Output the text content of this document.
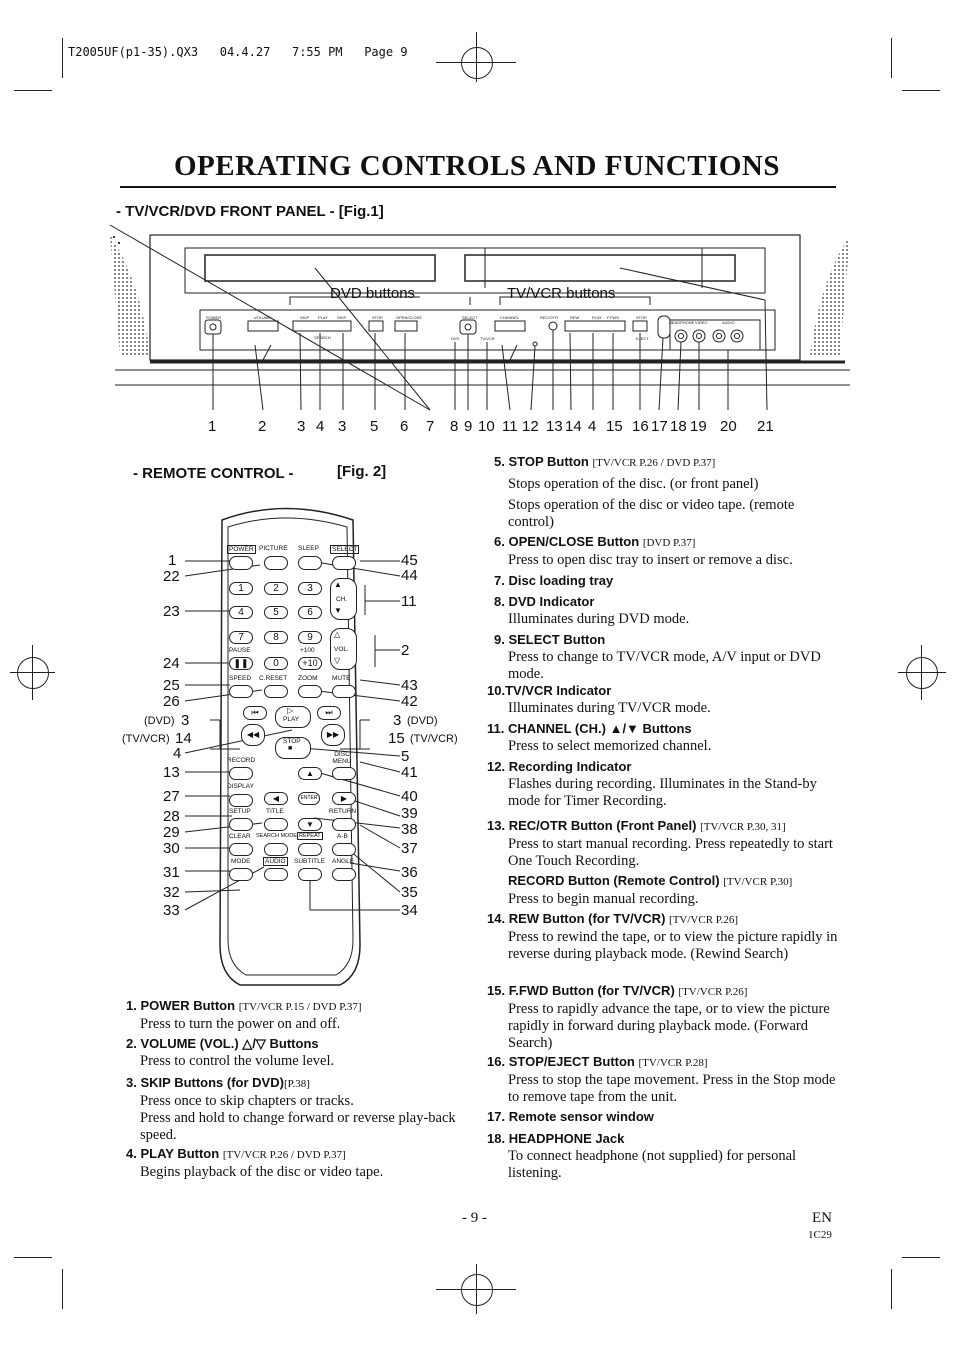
T2005UF(p1-35).QX3   04.4.27   7:55 PM   Page 9
OPERATING CONTROLS AND FUNCTIONS
- TV/VCR/DVD FRONT PANEL - [Fig.1]
DVD buttons	TV/VCR buttons
POWER	VOLUME	SKIP PLAY SKIP
SEARCH
STOP	OPEN/CLOSE	SELECT
DVD	TV/VCR
CHANNEL	REC/OTR	REW	PLAY F.FWD	STOP
EJECT
HEADPHONE VIDEO	AUDIO
1	2 3 4 3 5 6 7 8 9 10 11 12 13 14 4 15 16 17 18 19 20 21
- REMOTE CONTROL -	[Fig. 2]
POWER PICTURE SLEEP	SELECT
1	2	3
4	5	6
7	8	9
PAUSE	+100
❚❚	0	+10
▲
CH.
▼
△
VOL.
▽
SPEED C.RESET ZOOM MUTE
⏮	⏭
▷
PLAY
◀◀	▶▶
STOP
■
RECORD
DISC MENU
▲
DISPLAY
◀	ENTER	▶
SETUP TITLE	RETURN
▼
CLEAR SEARCH MODE REPEAT	A-B
MODE	AUDIO	SUBTITLE ANGLE
1
22
23
24
25
26
(DVD) 3
(TV/VCR) 14
4
13
27
28
29
30
31
32
33
45
44
11
2
43
42
3 (DVD)
15 (TV/VCR)
5
41
40
39
38
37
36
35
34
1. POWER Button [TV/VCR P.15 / DVD P.37]
Press to turn the power on and off.
2. VOLUME (VOL.) △/▽ Buttons
Press to control the volume level.
3. SKIP Buttons (for DVD)[P.38]
Press once to skip chapters or tracks.
Press and hold to change forward or reverse play-back speed.
4. PLAY Button [TV/VCR P.26 / DVD P.37]
Begins playback of the disc or video tape.
5. STOP Button [TV/VCR P.26 / DVD P.37]
Stops operation of the disc. (or front panel)
Stops operation of the disc or video tape. (remote control)
6. OPEN/CLOSE Button [DVD P.37]
Press to open disc tray to insert or remove a disc.
7. Disc loading tray
8. DVD Indicator
Illuminates during DVD mode.
9. SELECT Button
Press to change to TV/VCR mode, A/V input or DVD mode.
10.TV/VCR Indicator
Illuminates during TV/VCR mode.
11. CHANNEL (CH.) ▲/▼ Buttons
Press to select memorized channel.
12. Recording Indicator
Flashes during recording. Illuminates in the Stand-by mode for Timer Recording.
13. REC/OTR Button (Front Panel) [TV/VCR P.30, 31]
Press to start manual recording. Press repeatedly to start One Touch Recording.
RECORD Button (Remote Control) [TV/VCR P.30]
Press to begin manual recording.
14. REW Button (for TV/VCR) [TV/VCR P.26]
Press to rewind the tape, or to view the picture rapidly in reverse during playback mode. (Rewind Search)
15. F.FWD Button (for TV/VCR) [TV/VCR P.26]
Press to rapidly advance the tape, or to view the picture rapidly in forward during playback mode. (Forward Search)
16. STOP/EJECT Button [TV/VCR P.28]
Press to stop the tape movement. Press in the Stop mode to remove tape from the unit.
17. Remote sensor window
18. HEADPHONE Jack
To connect headphone (not supplied) for personal listening.
- 9 -	EN
1C29
